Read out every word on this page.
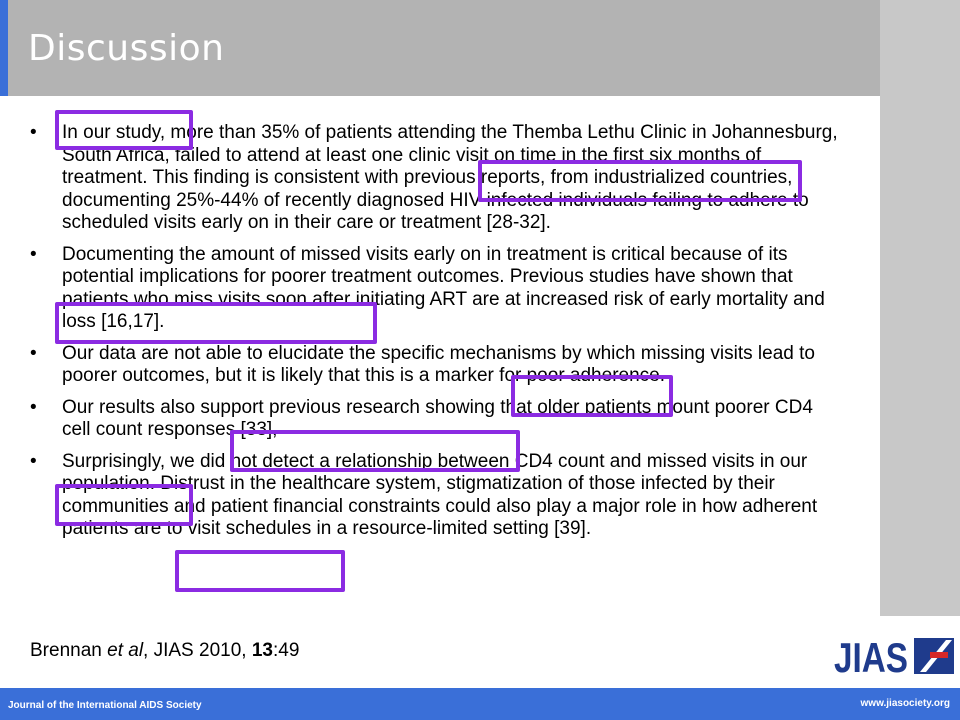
Discussion
• In our study, more than 35% of patients attending the Themba Lethu Clinic in Johannesburg, South Africa, failed to attend at least one clinic visit on time in the first six months of treatment. This finding is consistent with previous reports, from industrialized countries, documenting 25%-44% of recently diagnosed HIV-infected individuals failing to adhere to scheduled visits early on in their care or treatment [28-32].
• Documenting the amount of missed visits early on in treatment is critical because of its potential implications for poorer treatment outcomes. Previous studies have shown that patients who miss visits soon after initiating ART are at increased risk of early mortality and loss [16,17].
• Our data are not able to elucidate the specific mechanisms by which missing visits lead to poorer outcomes, but it is likely that this is a marker for poor adherence.
• Our results also support previous research showing that older patients mount poorer CD4 cell count responses [33],
• Surprisingly, we did not detect a relationship between CD4 count and missed visits in our population. Distrust in the healthcare system, stigmatization of those infected by their communities and patient financial constraints could also play a major role in how adherent patients are to visit schedules in a resource-limited setting [39].
Brennan et al, JIAS 2010, 13:49	JIAS
Journal of the International AIDS Society	www.jiasociety.org
